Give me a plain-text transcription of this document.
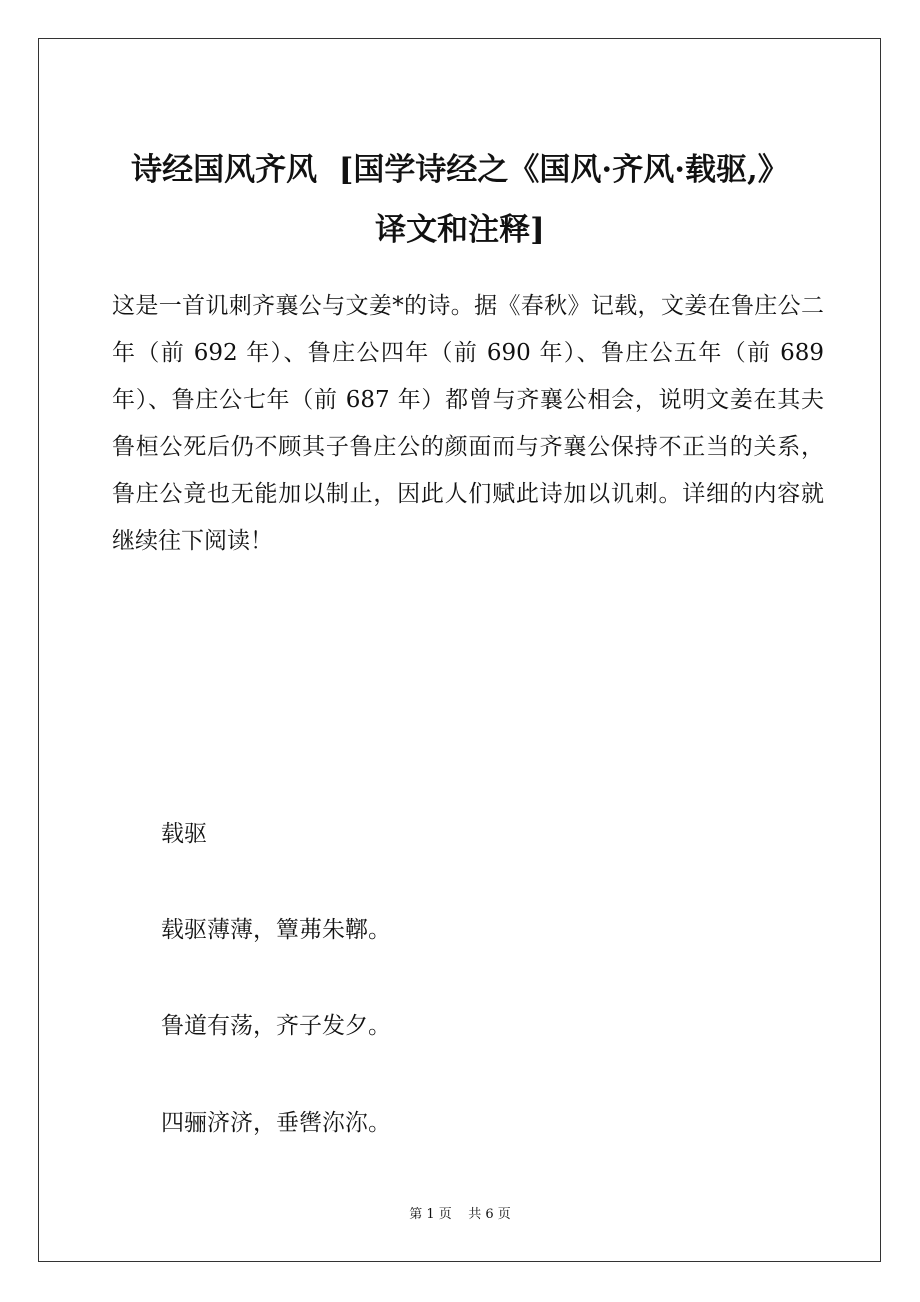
诗经国风齐风  [国学诗经之《国风·齐风·载驱,》
译文和注释]

这是一首讥刺齐襄公与文姜*的诗。据《春秋》记载，文姜在鲁庄公二年（前 692 年）、鲁庄公四年（前 690 年）、鲁庄公五年（前 689 年）、鲁庄公七年（前 687 年）都曾与齐襄公相会，说明文姜在其夫鲁桓公死后仍不顾其子鲁庄公的颜面而与齐襄公保持不正当的关系，鲁庄公竟也无能加以制止，因此人们赋此诗加以讥刺。详细的内容就继续往下阅读！

载驱

载驱薄薄，簟茀朱鞹。

鲁道有荡，齐子发夕。

四骊济济，垂辔沵沵。

第 1 页 共 6 页
